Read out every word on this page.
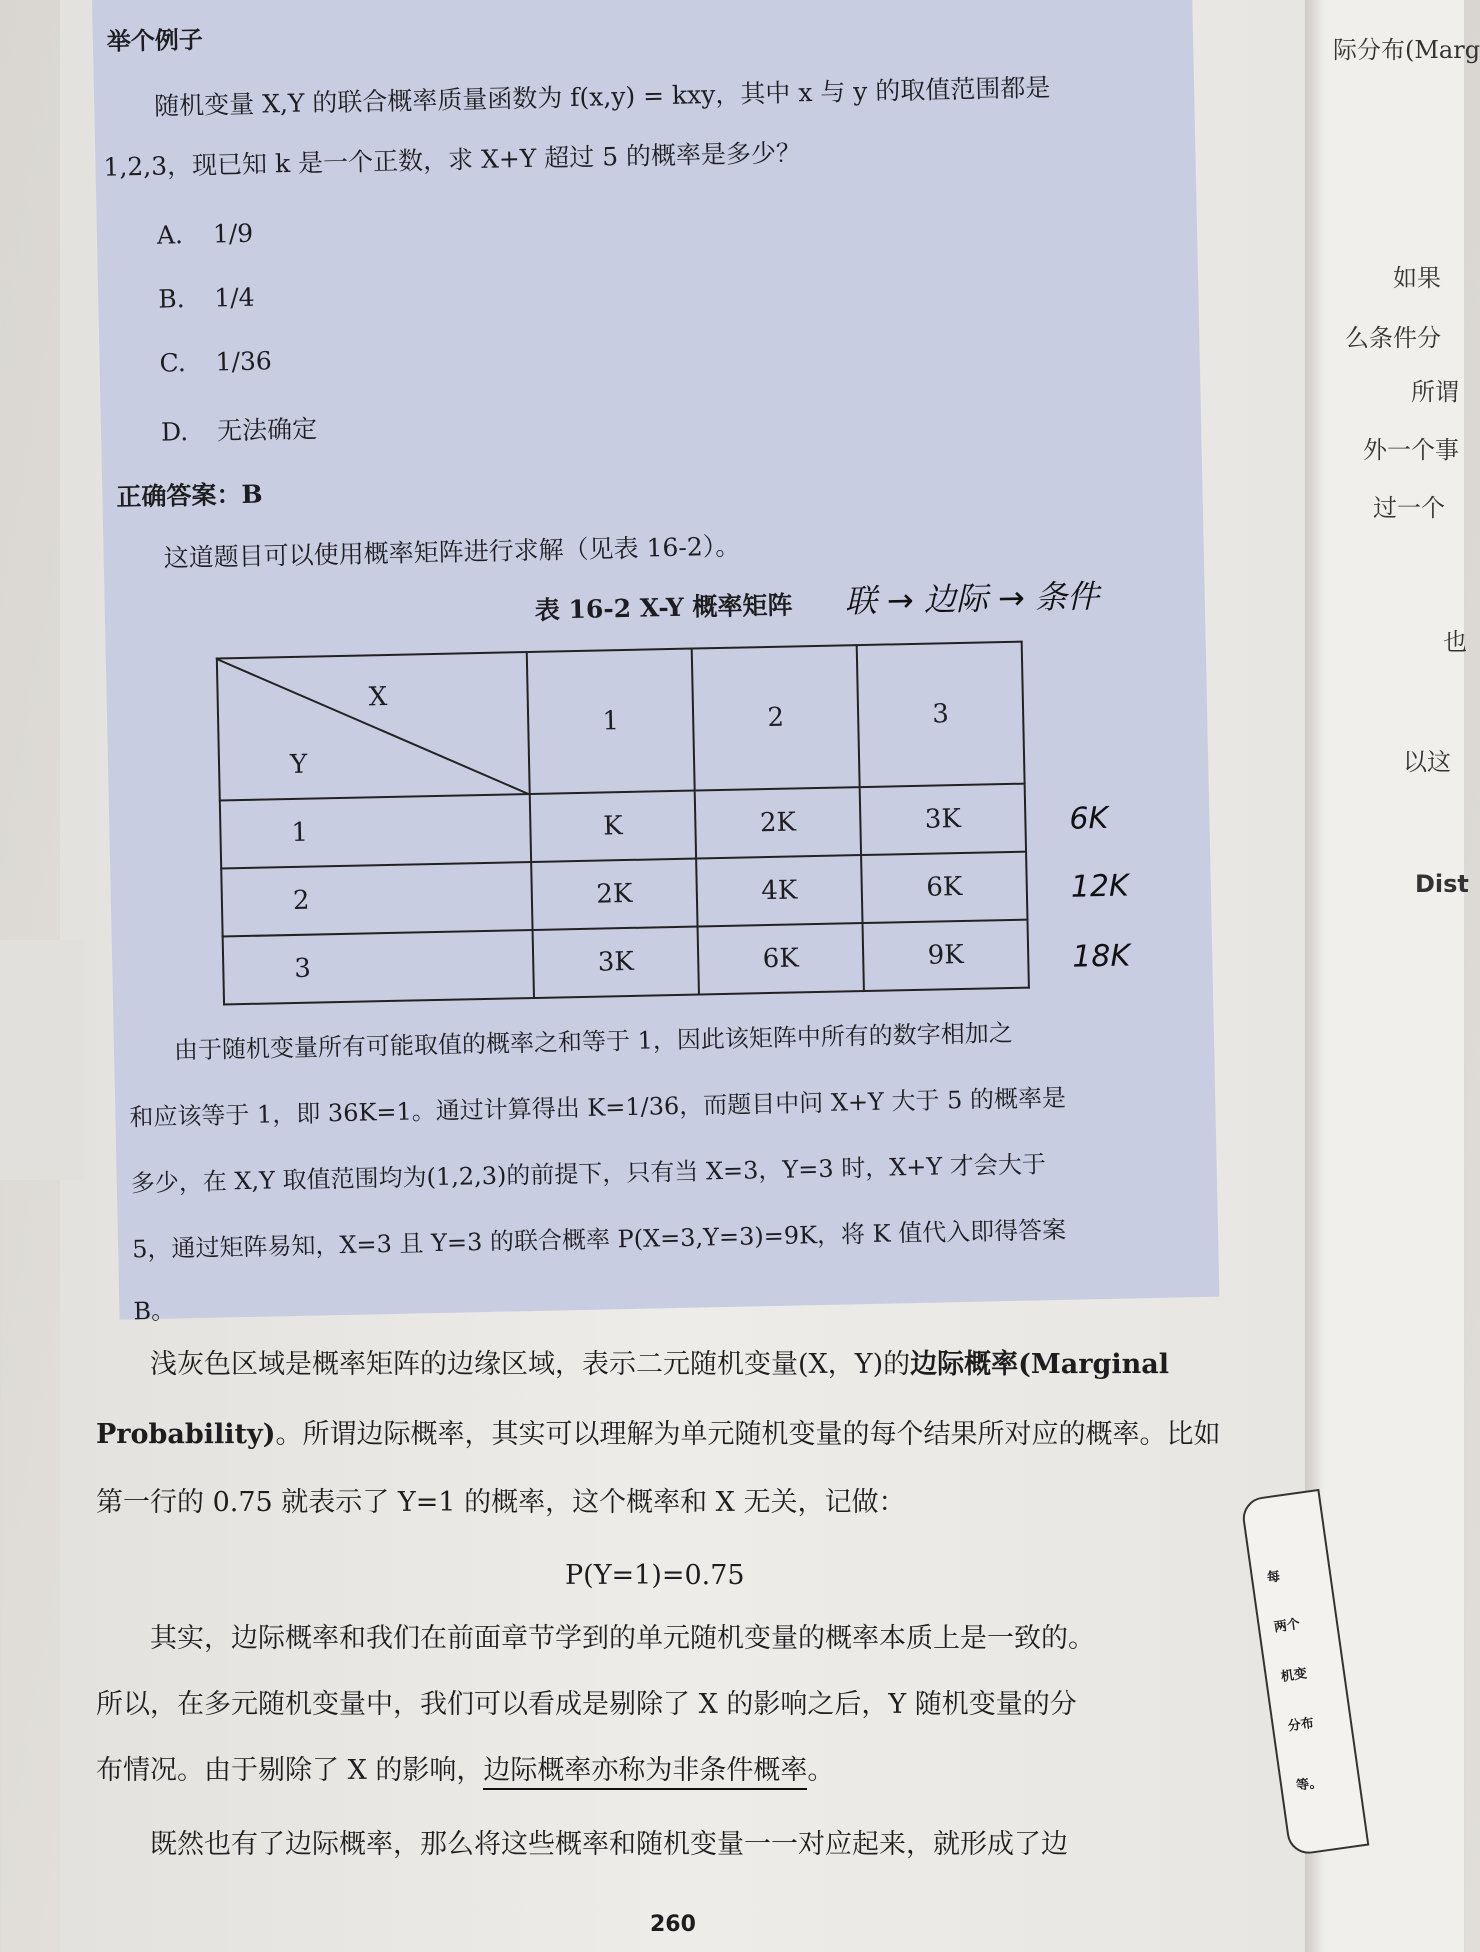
际分布(Marg
如果
么条件分
所谓
外一个事
过一个
也
以这
Dist
举个例子
随机变量 X,Y 的联合概率质量函数为 f(x,y) = kxy，其中 x 与 y 的取值范围都是
1,2,3，现已知 k 是一个正数，求 X+Y 超过 5 的概率是多少？
A. 1/9
B. 1/4
C. 1/36
D. 无法确定
正确答案：B
这道题目可以使用概率矩阵进行求解（见表 16-2）。
表 16-2 X-Y 概率矩阵 联 → 边际 → 条件
X
Y	1	2	3

1	K	2K	3K
2	2K	4K	6K
3	3K	6K	9K
6K
12K
18K
由于随机变量所有可能取值的概率之和等于 1，因此该矩阵中所有的数字相加之
和应该等于 1，即 36K=1。通过计算得出 K=1/36，而题目中问 X+Y 大于 5 的概率是
多少，在 X,Y 取值范围均为(1,2,3)的前提下，只有当 X=3，Y=3 时，X+Y 才会大于
5，通过矩阵易知，X=3 且 Y=3 的联合概率 P(X=3,Y=3)=9K，将 K 值代入即得答案
B。
浅灰色区域是概率矩阵的边缘区域，表示二元随机变量(X，Y)的边际概率(Marginal
Probability)。所谓边际概率，其实可以理解为单元随机变量的每个结果所对应的概率。比如
第一行的 0.75 就表示了 Y=1 的概率，这个概率和 X 无关，记做：
P(Y=1)=0.75
其实，边际概率和我们在前面章节学到的单元随机变量的概率本质上是一致的。
所以，在多元随机变量中，我们可以看成是剔除了 X 的影响之后，Y 随机变量的分
布情况。由于剔除了 X 的影响，边际概率亦称为非条件概率。
既然也有了边际概率，那么将这些概率和随机变量一一对应起来，就形成了边
260
每
两个
机变
分布
等。
